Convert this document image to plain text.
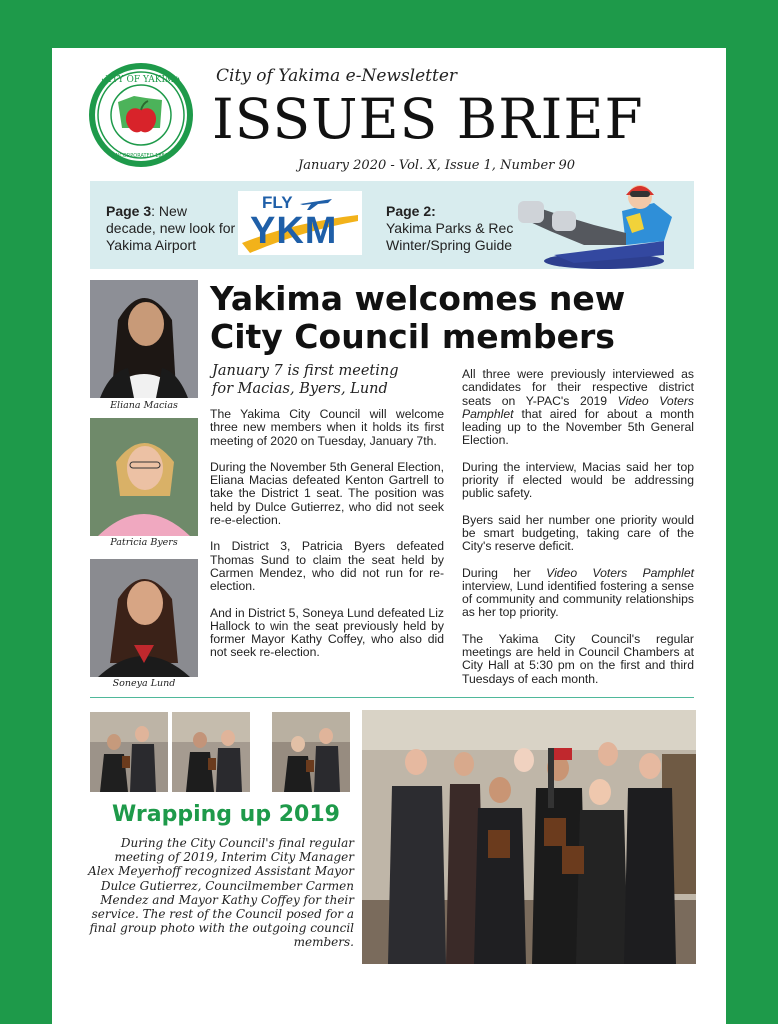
CITY OF YAKIMA
INCORPORATED 1886
City of Yakima e-Newsletter
ISSUES BRIEF
January 2020 - Vol. X, Issue 1, Number 90
Page 3: New decade, new look for Yakima Airport
FLY
YKM	Page 2:
Yakima Parks & Rec Winter/Spring Guide
Eliana Macias
Patricia Byers
Soneya Lund
Yakima welcomes new City Council members
January 7 is first meeting for Macias, Byers, Lund

The Yakima City Council will welcome three new members when it holds its first meeting of 2020 on Tuesday, January 7th.

During the November 5th General Election, Eliana Macias defeated Kenton Gartrell to take the District 1 seat. The position was held by Dulce Gutierrez, who did not seek re-e-election.

In District 3, Patricia Byers defeated Thomas Sund to claim the seat held by Carmen Mendez, who did not run for re-election.

And in District 5, Soneya Lund defeated Liz Hallock to win the seat previously held by former Mayor Kathy Coffey, who also did not seek re-election.

All three were previously interviewed as candidates for their respective district seats on Y-PAC's 2019 Video Voters Pamphlet that aired for about a month leading up to the November 5th General Election.

During the interview, Macias said her top priority if elected would be addressing public safety.

Byers said her number one priority would be smart budgeting, taking care of the City's reserve deficit.

During her Video Voters Pamphlet interview, Lund identified fostering a sense of community and community relationships as her top priority.

The Yakima City Council's regular meetings are held in Council Chambers at City Hall at 5:30 pm on the first and third Tuesdays of each month.

Wrapping up 2019
During the City Council's final regular meeting of 2019, Interim City Manager Alex Meyerhoff recognized Assistant Mayor Dulce Gutierrez, Councilmember Carmen Mendez and Mayor Kathy Coffey for their service. The rest of the Council posed for a final group photo with the outgoing council members.
